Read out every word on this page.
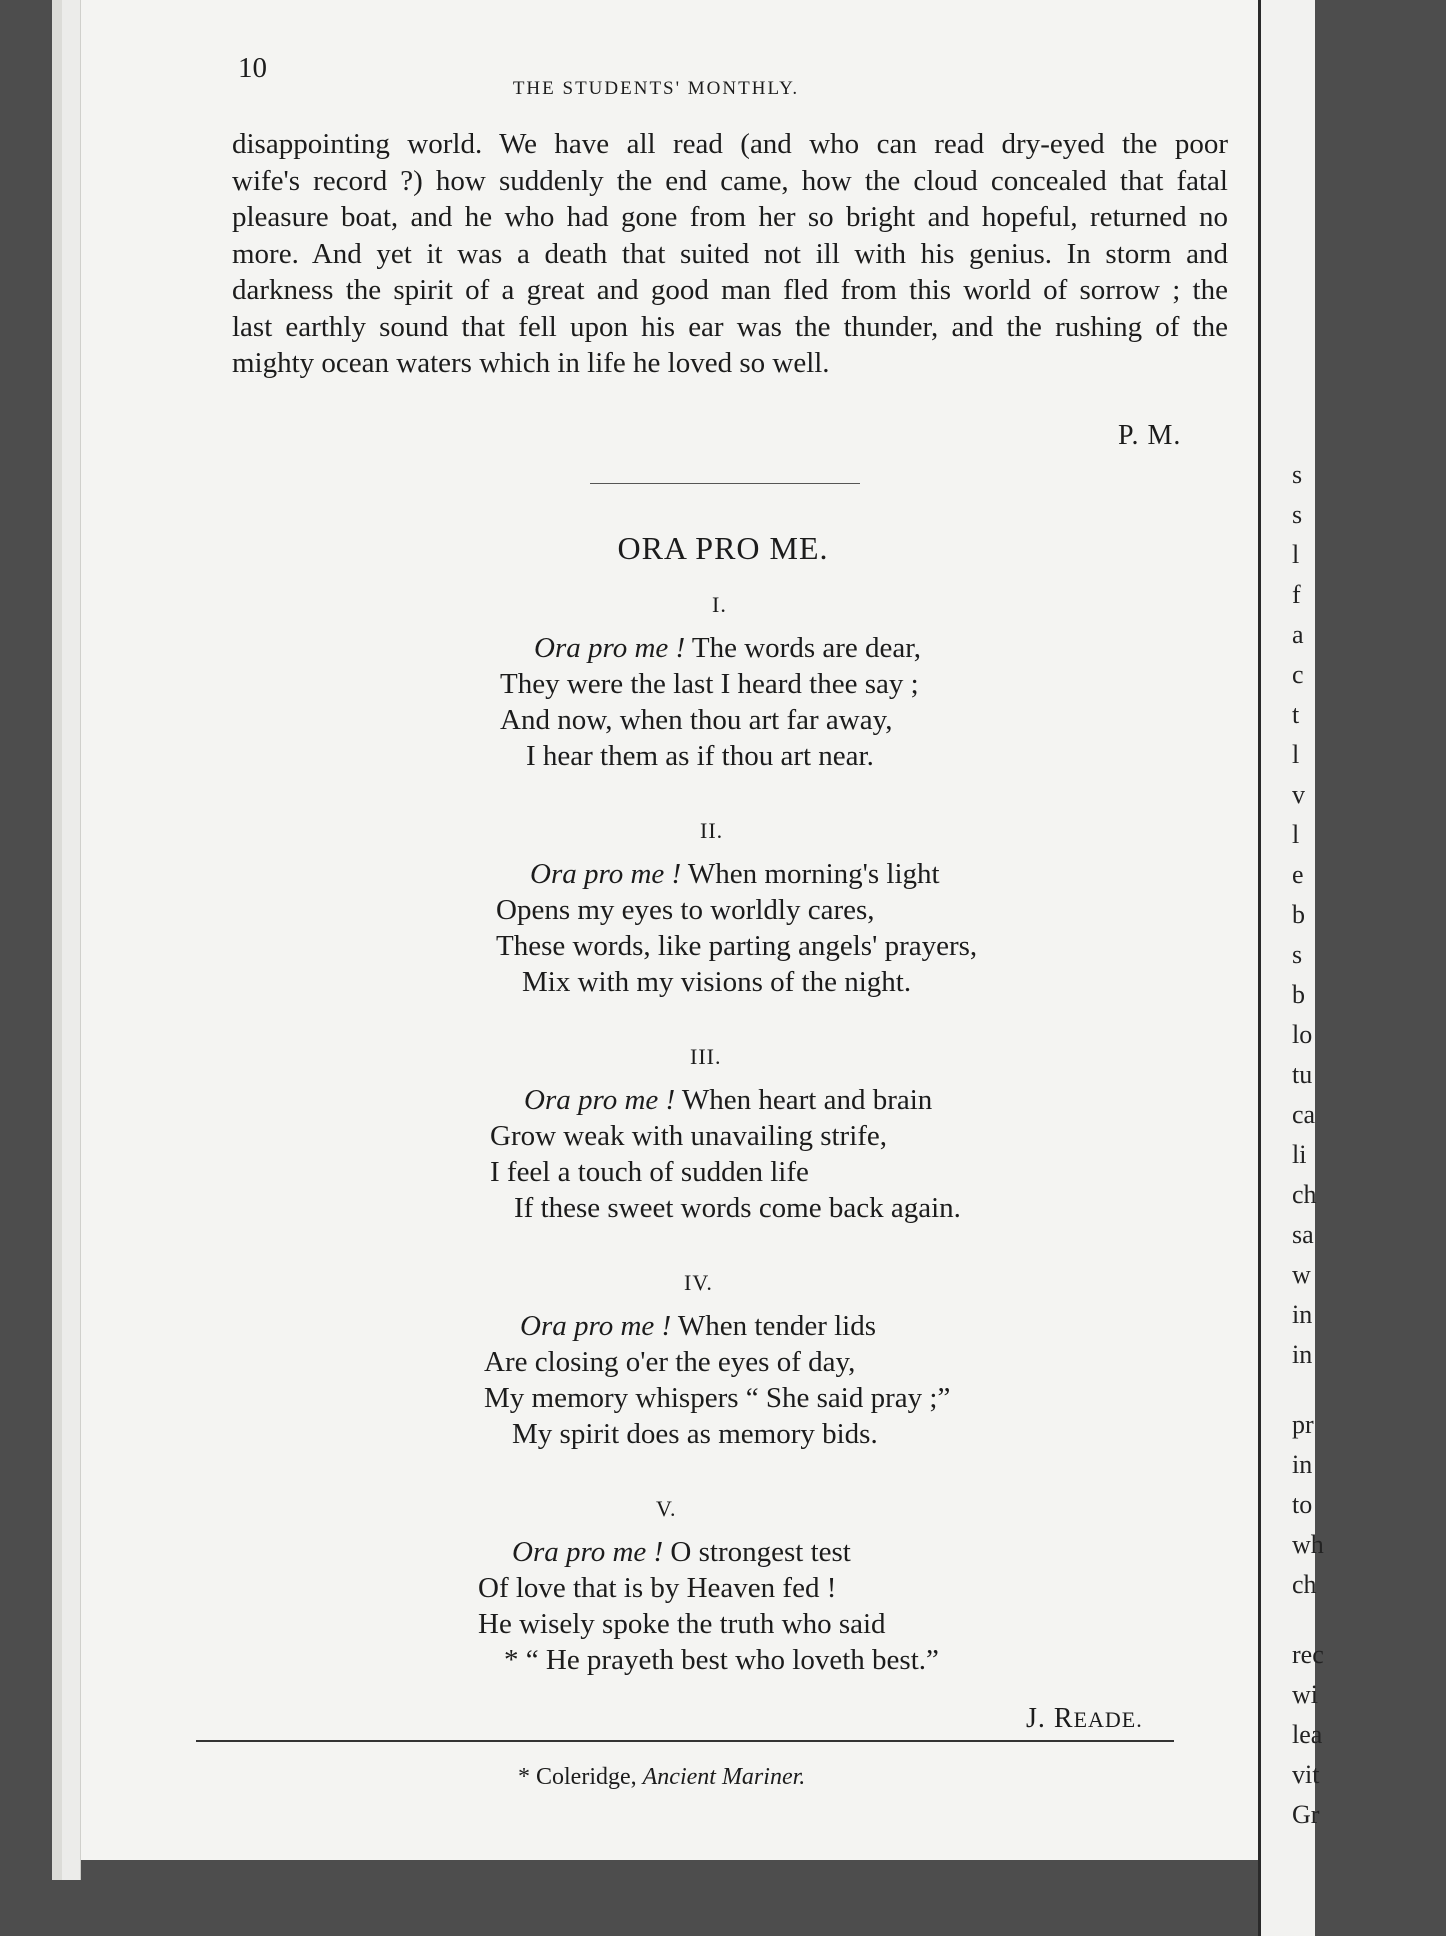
s
s
l
f
a
c
t
l
v
l
e
b
s
b
lo
tu
ca
li
ch
sa
w
in
in
pr
in
to
wh
ch
rec
wi
lea
vit
Gr
10
THE STUDENTS' MONTHLY.
disappointing world. We have all read (and who can read dry-eyed the poor
wife's record ?) how suddenly the end came, how the cloud concealed that fatal
pleasure boat, and he who had gone from her so bright and hopeful, returned no
more. And yet it was a death that suited not ill with his genius. In storm and
darkness the spirit of a great and good man fled from this world of sorrow ; the
last earthly sound that fell upon his ear was the thunder, and the rushing of the
mighty ocean waters which in life he loved so well.
P. M.
ORA PRO ME.
I.
Ora pro me ! The words are dear,
They were the last I heard thee say ;
And now, when thou art far away,
I hear them as if thou art near.
II.
Ora pro me ! When morning's light
Opens my eyes to worldly cares,
These words, like parting angels' prayers,
Mix with my visions of the night.
III.
Ora pro me ! When heart and brain
Grow weak with unavailing strife,
I feel a touch of sudden life
If these sweet words come back again.
IV.
Ora pro me ! When tender lids
Are closing o'er the eyes of day,
My memory whispers “ She said pray ;”
My spirit does as memory bids.
V.
Ora pro me ! O strongest test
Of love that is by Heaven fed !
He wisely spoke the truth who said
* “ He prayeth best who loveth best.”
J. READE.
* Coleridge, Ancient Mariner.
